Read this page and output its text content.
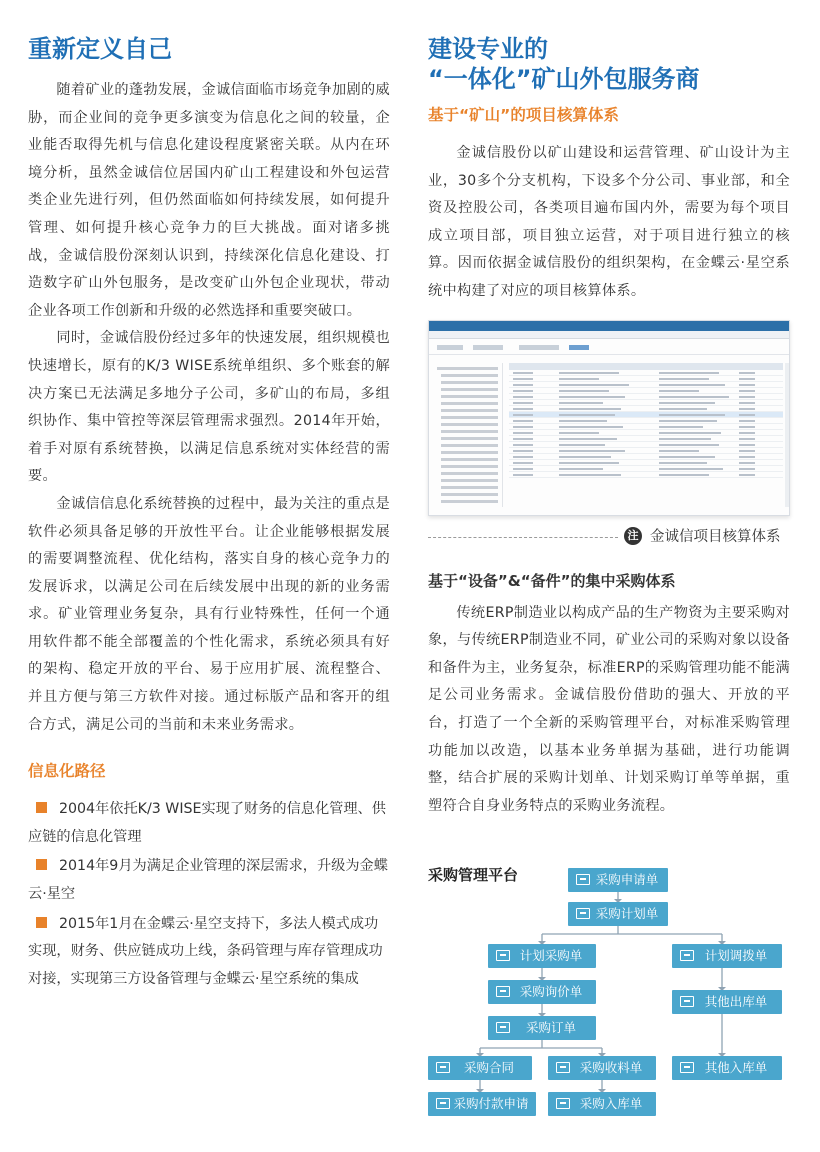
重新定义自己

随着矿业的蓬勃发展，金诚信面临市场竞争加剧的威胁，而企业间的竞争更多演变为信息化之间的较量，企业能否取得先机与信息化建设程度紧密关联。从内在环境分析，虽然金诚信位居国内矿山工程建设和外包运营类企业先进行列，但仍然面临如何持续发展，如何提升管理、如何提升核心竞争力的巨大挑战。面对诸多挑战，金诚信股份深刻认识到，持续深化信息化建设、打造数字矿山外包服务，是改变矿山外包企业现状，带动企业各项工作创新和升级的必然选择和重要突破口。

同时，金诚信股份经过多年的快速发展，组织规模也快速增长，原有的K/3 WISE系统单组织、多个账套的解决方案已无法满足多地分子公司，多矿山的布局，多组织协作、集中管控等深层管理需求强烈。2014年开始，着手对原有系统替换，以满足信息系统对实体经营的需要。

金诚信信息化系统替换的过程中，最为关注的重点是软件必须具备足够的开放性平台。让企业能够根据发展的需要调整流程、优化结构，落实自身的核心竞争力的发展诉求，以满足公司在后续发展中出现的新的业务需求。矿业管理业务复杂，具有行业特殊性，任何一个通用软件都不能全部覆盖的个性化需求，系统必须具有好的架构、稳定开放的平台、易于应用扩展、流程整合、并且方便与第三方软件对接。通过标版产品和客开的组合方式，满足公司的当前和未来业务需求。

信息化路径
2004年依托K/3 WISE实现了财务的信息化管理、供应链的信息化管理
2014年9月为满足企业管理的深层需求，升级为金蝶云·星空
2015年1月在金蝶云·星空支持下，多法人模式成功实现，财务、供应链成功上线，条码管理与库存管理成功对接，实现第三方设备管理与金蝶云·星空系统的集成
建设专业的
“一体化”矿山外包服务商
基于“矿山”的项目核算体系

金诚信股份以矿山建设和运营管理、矿山设计为主业，30多个分支机构，下设多个分公司、事业部，和全资及控股公司，各类项目遍布国内外，需要为每个项目成立项目部，项目独立运营，对于项目进行独立的核算。因而依据金诚信股份的组织架构，在金蝶云·星空系统中构建了对应的项目核算体系。

注 金诚信项目核算体系
基于“设备”&“备件”的集中采购体系

传统ERP制造业以构成产品的生产物资为主要采购对象，与传统ERP制造业不同，矿业公司的采购对象以设备和备件为主，业务复杂，标准ERP的采购管理功能不能满足公司业务需求。金诚信股份借助的强大、开放的平台，打造了一个全新的采购管理平台，对标准采购管理功能加以改造，以基本业务单据为基础，进行功能调整，结合扩展的采购计划单、计划采购订单等单据，重塑符合自身业务特点的采购业务流程。

采购管理平台	采购申请单
采购计划单
计划采购单
采购询价单
采购订单
采购合同	采购收料单
采购付款申请	采购入库单
计划调拨单
其他出库单
其他入库单
